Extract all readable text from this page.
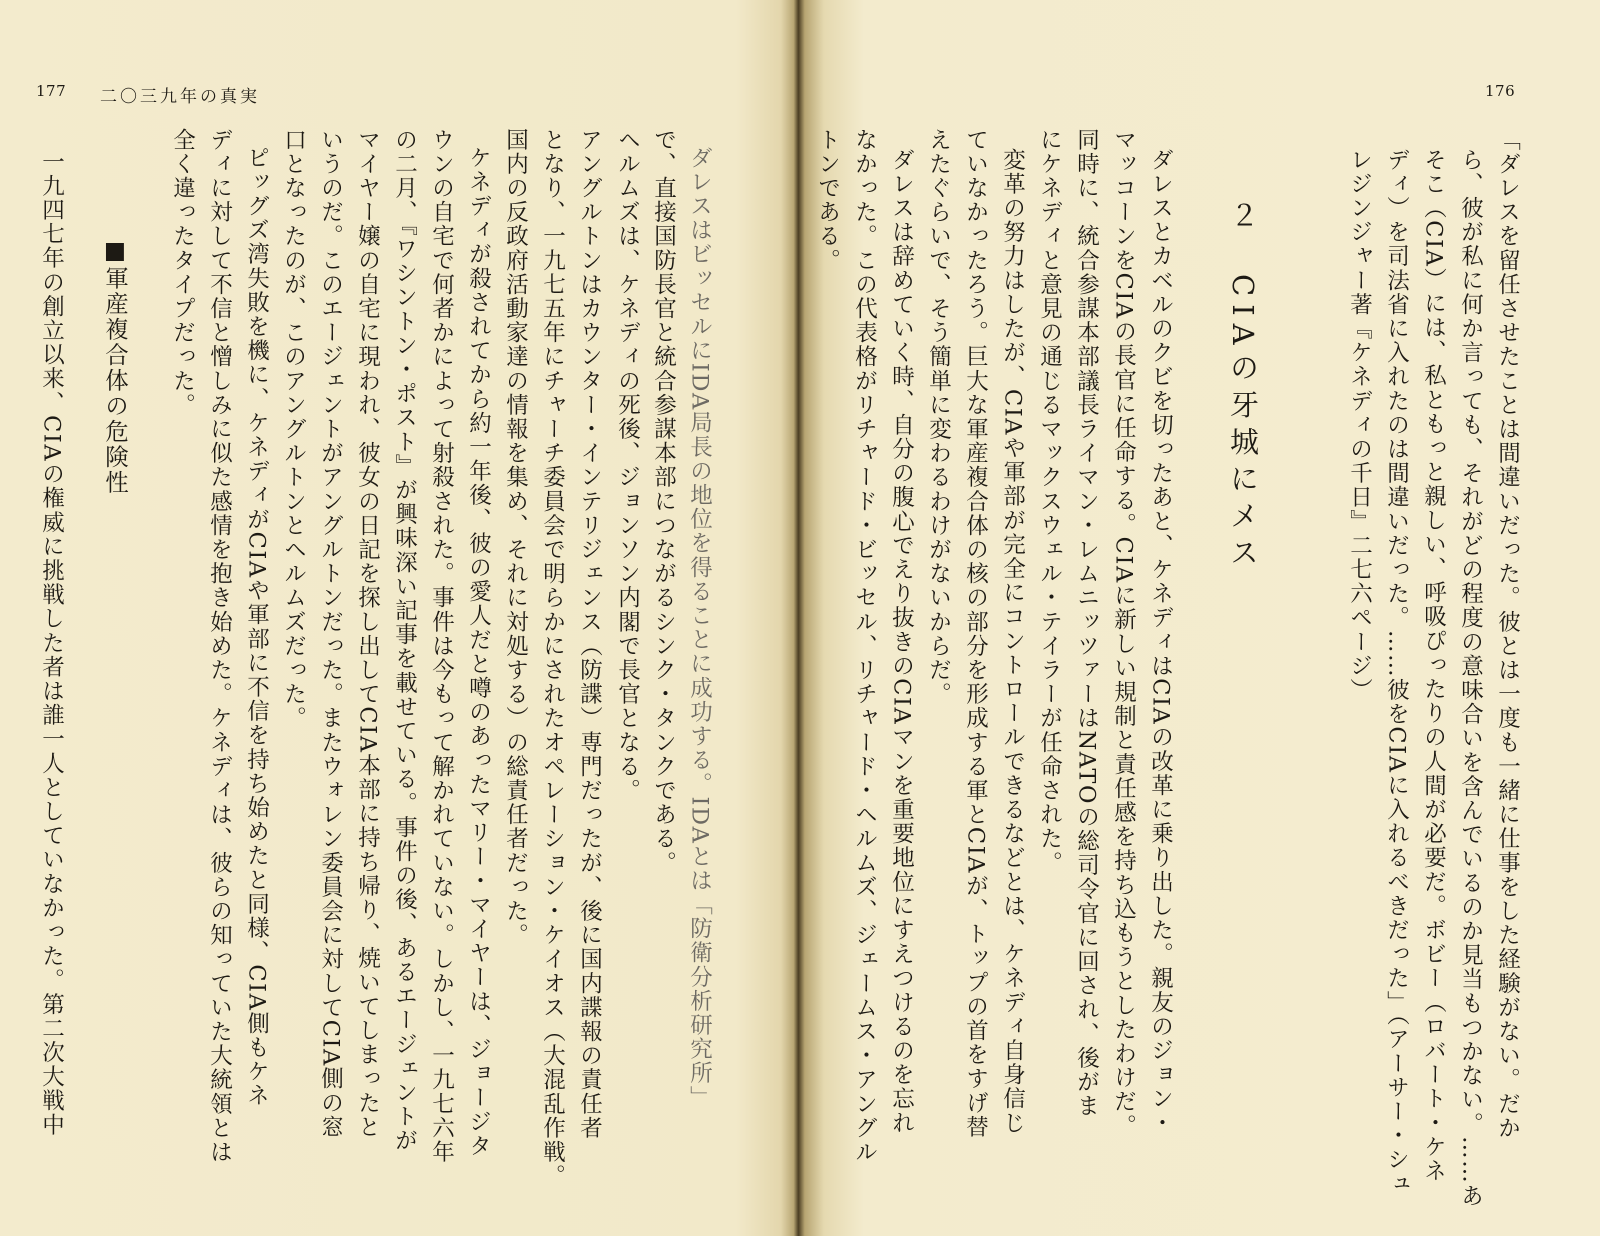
177 二〇三九年の真実
ダレスはビッセルにIDA局長の地位を得ることに成功する。IDAとは「防衛分析研究所」
で、直接国防長官と統合参謀本部につながるシンク・タンクである。
ヘルムズは、ケネディの死後、ジョンソン内閣で長官となる。
アングルトンはカウンター・インテリジェンス（防諜）専門だったが、後に国内諜報の責任者
となり、一九七五年にチャーチ委員会で明らかにされたオペレーション・ケイオス（大混乱作戦。
国内の反政府活動家達の情報を集め、それに対処する）の総責任者だった。
ケネディが殺されてから約一年後、彼の愛人だと噂のあったマリー・マイヤーは、ジョージタ
ウンの自宅で何者かによって射殺された。事件は今もって解かれていない。しかし、一九七六年
の二月、『ワシントン・ポスト』が興味深い記事を載せている。事件の後、あるエージェントが
マイヤー嬢の自宅に現われ、彼女の日記を探し出してCIA本部に持ち帰り、焼いてしまったと
いうのだ。このエージェントがアングルトンだった。またウォレン委員会に対してCIA側の窓
口となったのが、このアングルトンとヘルムズだった。
ピッグズ湾失敗を機に、ケネディがCIAや軍部に不信を持ち始めたと同様、CIA側もケネ
ディに対して不信と憎しみに似た感情を抱き始めた。ケネディは、彼らの知っていた大統領とは
全く違ったタイプだった。
■軍産複合体の危険性
一九四七年の創立以来、CIAの権威に挑戦した者は誰一人としていなかった。第二次大戦中
176
「ダレスを留任させたことは間違いだった。彼とは一度も一緒に仕事をした経験がない。だか
ら、彼が私に何か言っても、それがどの程度の意味合いを含んでいるのか見当もつかない。……あ
そこ（CIA）には、私ともっと親しい、呼吸ぴったりの人間が必要だ。ボビー（ロバート・ケネ
ディ）を司法省に入れたのは間違いだった。……彼をCIAに入れるべきだった」（アーサー・シュ
レジンジャー著『ケネディの千日』二七六ページ）
２　CIAの牙城にメス
ダレスとカベルのクビを切ったあと、ケネディはCIAの改革に乗り出した。親友のジョン・
マッコーンをCIAの長官に任命する。CIAに新しい規制と責任感を持ち込もうとしたわけだ。
同時に、統合参謀本部議長ライマン・レムニッツァーはNATOの総司令官に回され、後がま
にケネディと意見の通じるマックスウェル・テイラーが任命された。
変革の努力はしたが、CIAや軍部が完全にコントロールできるなどとは、ケネディ自身信じ
ていなかったろう。巨大な軍産複合体の核の部分を形成する軍とCIAが、トップの首をすげ替
えたぐらいで、そう簡単に変わるわけがないからだ。
ダレスは辞めていく時、自分の腹心でえり抜きのCIAマンを重要地位にすえつけるのを忘れ
なかった。この代表格がリチャード・ビッセル、リチャード・ヘルムズ、ジェームス・アングル
トンである。
